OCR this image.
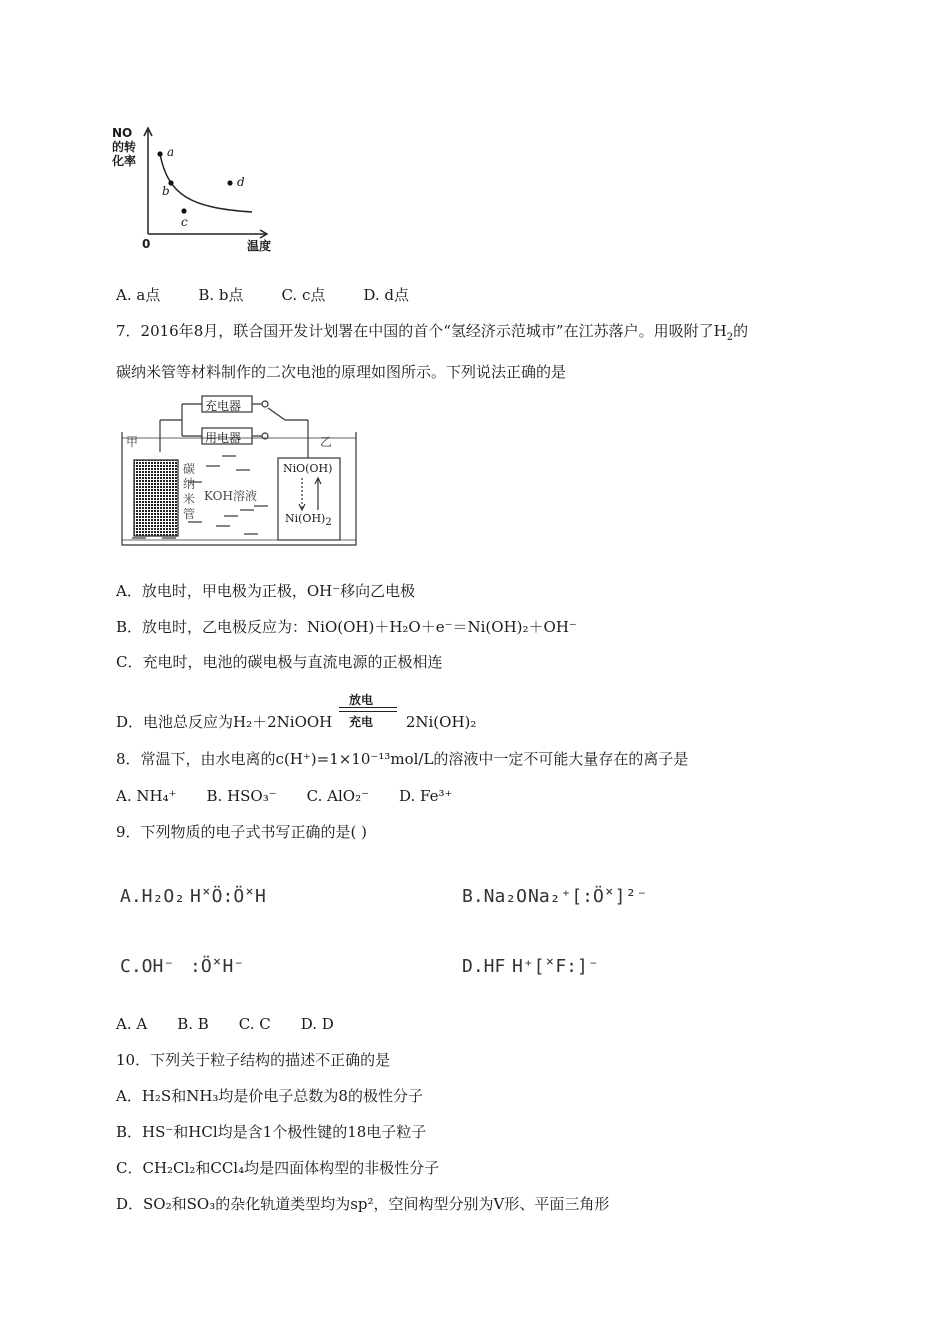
NO
的转
化率
a
b
c
d
0	温度
A. a点	B. b点	C. c点	D. d点
7．2016年8月，联合国开发计划署在中国的首个“氢经济示范城市”在江苏落户。用吸附了$H_2$的
碳纳米管等材料制作的二次电池的原理如图所示。下列说法正确的是
充电器
用电器
甲	乙
碳
纳
米
管
KOH溶液
NiO(OH)
$Ni(OH)_2$
A．放电时，甲电极为正极，OH⁻移向乙电极
B．放电时，乙电极反应为：NiO(OH)＋H₂O＋e⁻＝Ni(OH)₂＋OH⁻
C．充电时，电池的碳电极与直流电源的正极相连
D．电池总反应为H₂＋2NiOOH
放电
充电 2Ni(OH)₂
8．常温下，由水电离的c(H⁺)=1×10⁻¹³mol/L的溶液中一定不可能大量存在的离子是
A. NH₄⁺ B. HSO₃⁻ C. AlO₂⁻ D. Fe³⁺
9．下列物质的电子式书写正确的是( )
A.H₂O₂ H˟Ö:Ö˟H	B.Na₂O Na₂⁺[:Ö˟]²⁻
C.OH⁻ :Ö˟H⁻	D.HF H⁺[˟F:]⁻
A. A B. B C. C D. D
10．下列关于粒子结构的描述不正确的是
A．H₂S和NH₃均是价电子总数为8的极性分子
B．HS⁻和HCl均是含1个极性键的18电子粒子
C．CH₂Cl₂和CCl₄均是四面体构型的非极性分子
D．SO₂和SO₃的杂化轨道类型均为sp²，空间构型分别为V形、平面三角形
